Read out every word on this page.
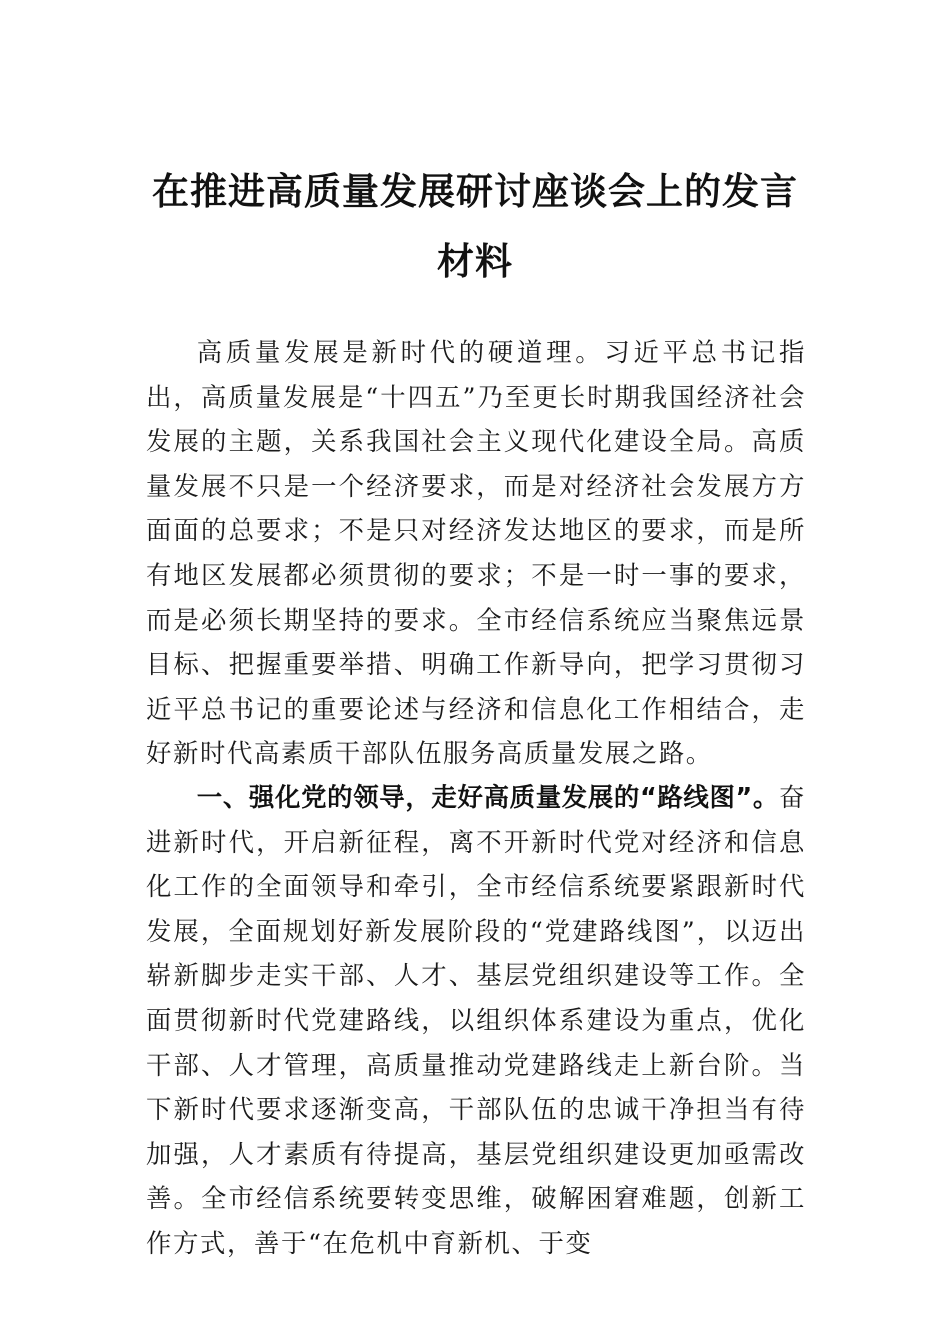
在推进高质量发展研讨座谈会上的发言材料

高质量发展是新时代的硬道理。习近平总书记指出，高质量发展是“十四五”乃至更长时期我国经济社会发展的主题，关系我国社会主义现代化建设全局。高质量发展不只是一个经济要求，而是对经济社会发展方方面面的总要求；不是只对经济发达地区的要求，而是所有地区发展都必须贯彻的要求；不是一时一事的要求，而是必须长期坚持的要求。全市经信系统应当聚焦远景目标、把握重要举措、明确工作新导向，把学习贯彻习近平总书记的重要论述与经济和信息化工作相结合，走好新时代高素质干部队伍服务高质量发展之路。

一、强化党的领导，走好高质量发展的“路线图”。奋进新时代，开启新征程，离不开新时代党对经济和信息化工作的全面领导和牵引，全市经信系统要紧跟新时代发展，全面规划好新发展阶段的“党建路线图”，以迈出崭新脚步走实干部、人才、基层党组织建设等工作。全面贯彻新时代党建路线，以组织体系建设为重点，优化干部、人才管理，高质量推动党建路线走上新台阶。当下新时代要求逐渐变高，干部队伍的忠诚干净担当有待加强，人才素质有待提高，基层党组织建设更加亟需改善。全市经信系统要转变思维，破解困窘难题，创新工作方式，善于“在危机中育新机、于变
